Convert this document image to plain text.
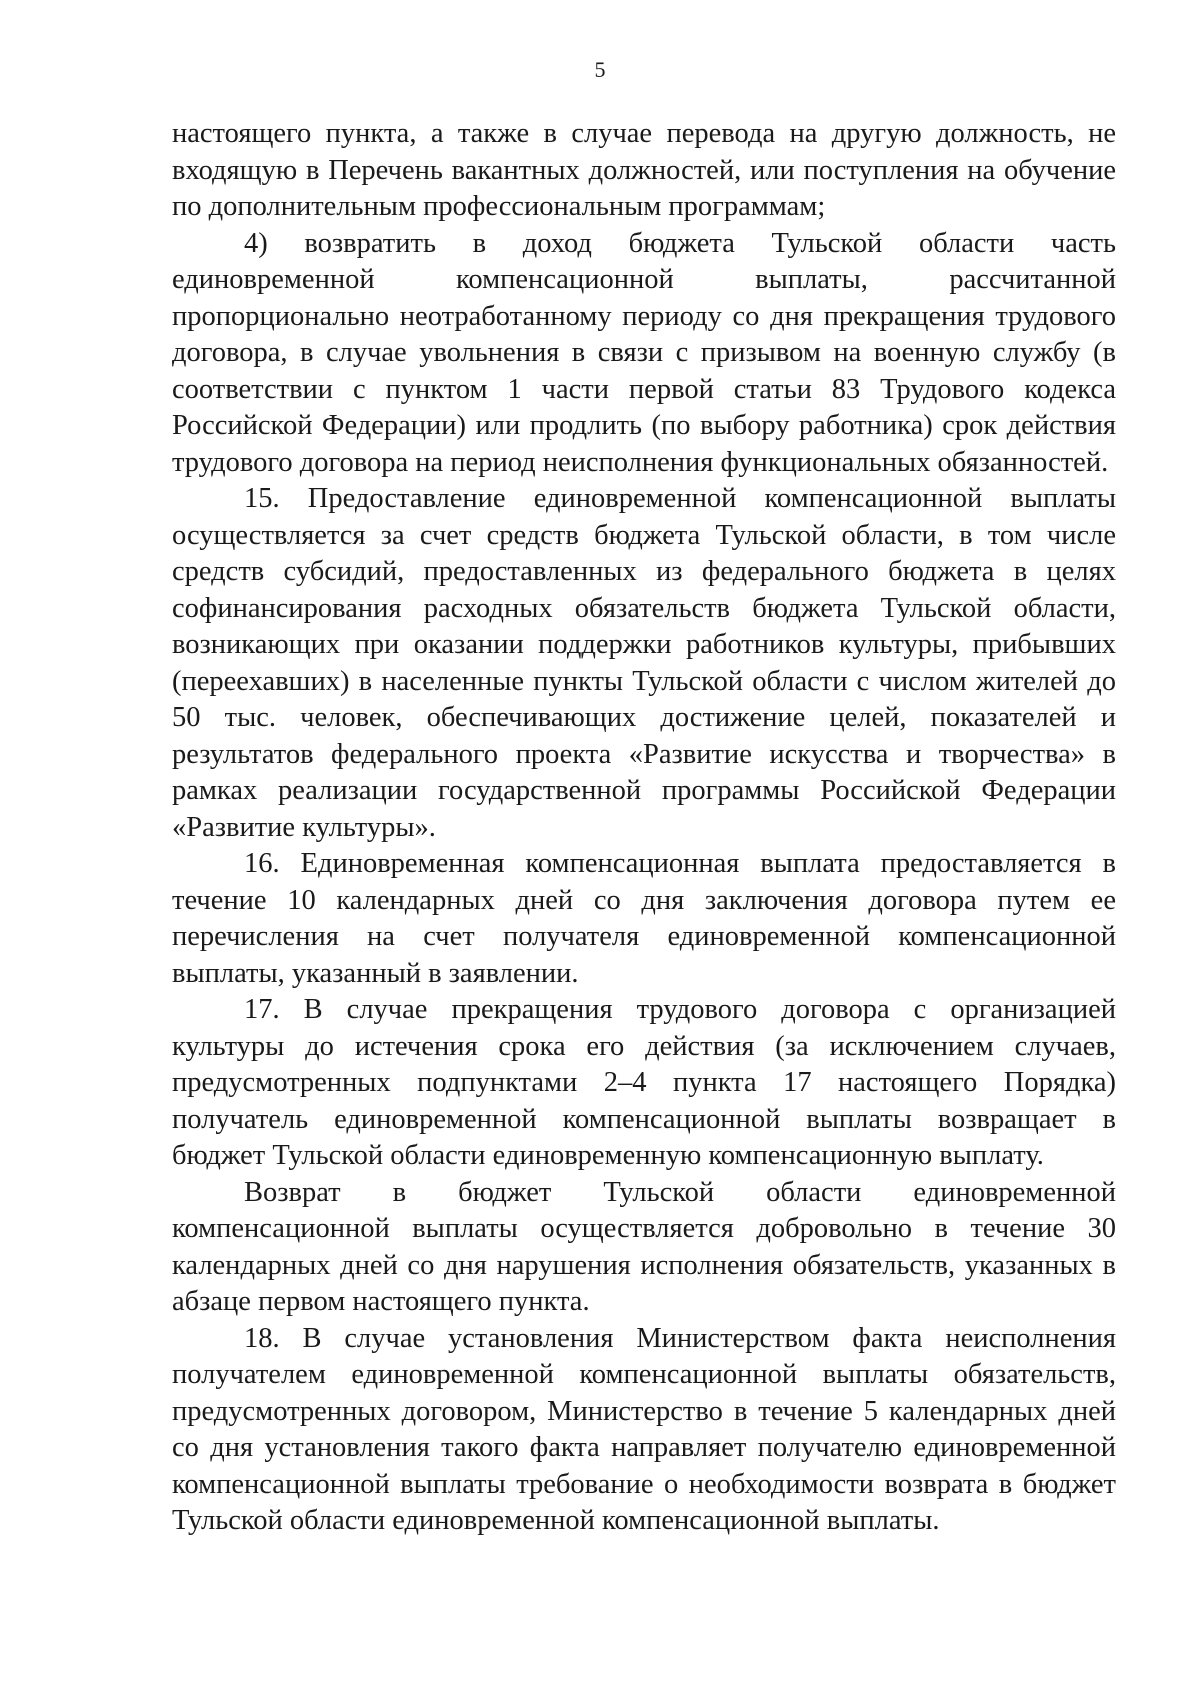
5

настоящего пункта, а также в случае перевода на другую должность, не входящую в Перечень вакантных должностей, или поступления на обучение по дополнительным профессиональным программам;

4) возвратить в доход бюджета Тульской области часть единовременной компенсационной выплаты, рассчитанной пропорционально неотработанному периоду со дня прекращения трудового договора, в случае увольнения в связи с призывом на военную службу (в соответствии с пунктом 1 части первой статьи 83 Трудового кодекса Российской Федерации) или продлить (по выбору работника) срок действия трудового договора на период неисполнения функциональных обязанностей.

15. Предоставление единовременной компенсационной выплаты осуществляется за счет средств бюджета Тульской области, в том числе средств субсидий, предоставленных из федерального бюджета в целях софинансирования расходных обязательств бюджета Тульской области, возникающих при оказании поддержки работников культуры, прибывших (переехавших) в населенные пункты Тульской области с числом жителей до 50 тыс. человек, обеспечивающих достижение целей, показателей и результатов федерального проекта «Развитие искусства и творчества» в рамках реализации государственной программы Российской Федерации «Развитие культуры».

16. Единовременная компенсационная выплата предоставляется в течение 10 календарных дней со дня заключения договора путем ее перечисления на счет получателя единовременной компенсационной выплаты, указанный в заявлении.

17. В случае прекращения трудового договора с организацией культуры до истечения срока его действия (за исключением случаев, предусмотренных подпунктами 2–4 пункта 17 настоящего Порядка) получатель единовременной компенсационной выплаты возвращает в бюджет Тульской области единовременную компенсационную выплату.

Возврат в бюджет Тульской области единовременной компенсационной выплаты осуществляется добровольно в течение 30 календарных дней со дня нарушения исполнения обязательств, указанных в абзаце первом настоящего пункта.

18. В случае установления Министерством факта неисполнения получателем единовременной компенсационной выплаты обязательств, предусмотренных договором, Министерство в течение 5 календарных дней со дня установления такого факта направляет получателю единовременной компенсационной выплаты требование о необходимости возврата в бюджет Тульской области единовременной компенсационной выплаты.
